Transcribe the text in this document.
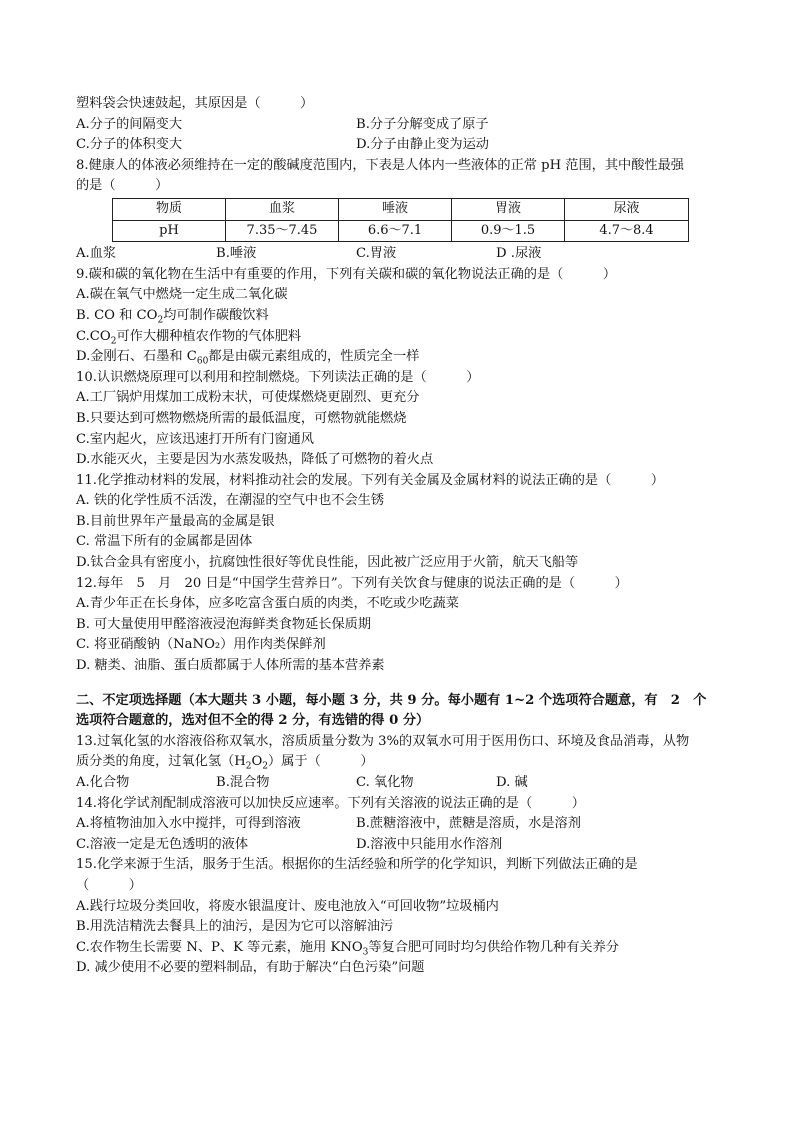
塑料袋会快速鼓起，其原因是（　　　）
A.分子的间隔变大	B.分子分解变成了原子
C.分子的体积变大	D.分子由静止变为运动
8.健康人的体液必须维持在一定的酸碱度范围内，下表是人体内一些液体的正常 pH 范围，其中酸性最强
的是（　　　）
物质	血浆	唾液	胃液	尿液
pH	7.35～7.45	6.6～7.1	0.9～1.5	4.7～8.4
A.血浆	B.唾液	C.胃液	D .尿液
9.碳和碳的氧化物在生活中有重要的作用，下列有关碳和碳的氧化物说法正确的是（　　　）
A.碳在氧气中燃烧一定生成二氧化碳
B. CO 和 $CO_2$均可制作碳酸饮料
$C.CO_2$可作大棚种植农作物的气体肥料
D.金刚石、石墨和 $C_{60}$都是由碳元素组成的，性质完全一样
10.认识燃烧原理可以利用和控制燃烧。下列读法正确的是（　　　）
A.工厂锅炉用煤加工成粉末状，可使煤燃烧更剧烈、更充分
B.只要达到可燃物燃烧所需的最低温度，可燃物就能燃烧
C.室内起火，应该迅速打开所有门窗通风
D.水能灭火，主要是因为水蒸发吸热，降低了可燃物的着火点
11.化学推动材料的发展，材料推动社会的发展。下列有关金属及金属材料的说法正确的是（　　　）
A. 铁的化学性质不活泼，在潮湿的空气中也不会生锈
B.目前世界年产量最高的金属是银
C. 常温下所有的金属都是固体
D.钛合金具有密度小，抗腐蚀性很好等优良性能，因此被广泛应用于火箭，航天飞船等
12.每年　5　月　20 日是“中国学生营养日”。下列有关饮食与健康的说法正确的是（　　　）
A.青少年正在长身体，应多吃富含蛋白质的肉类，不吃或少吃蔬菜
B. 可大量使用甲醛溶液浸泡海鲜类食物延长保质期
C. 将亚硝酸钠（NaNO₂）用作肉类保鲜剂
D. 糖类、油脂、蛋白质都属于人体所需的基本营养素
二、不定项选择题（本大题共 3 小题，每小题 3 分，共 9 分。每小题有 1~2 个选项符合题意，有　2　个
选项符合题意的，选对但不全的得 2 分，有选错的得 0 分）
13.过氧化氢的水溶液俗称双氧水，溶质质量分数为 3%的双氧水可用于医用伤口、环境及食品消毒，从物
质分类的角度，过氧化氢$(H_2O_2)$属于（　　　）
A.化合物	B.混合物	C. 氧化物	D. 碱
14.将化学试剂配制成溶液可以加快反应速率。下列有关溶液的说法正确的是（　　　）
A.将植物油加入水中搅拌，可得到溶液	B.蔗糖溶液中，蔗糖是溶质，水是溶剂
C.溶液一定是无色透明的液体	D.溶液中只能用水作溶剂
15.化学来源于生活，服务于生活。根据你的生活经验和所学的化学知识，判断下列做法正确的是
（　　　）
A.践行垃圾分类回收，将废水银温度计、废电池放入“可回收物”垃圾桶内
B.用洗洁精洗去餐具上的油污，是因为它可以溶解油污
C.农作物生长需要 N、P、K 等元素，施用 $KNO_3$等复合肥可同时均匀供给作物几种有关养分
D. 减少使用不必要的塑料制品，有助于解决“白色污染”问题
